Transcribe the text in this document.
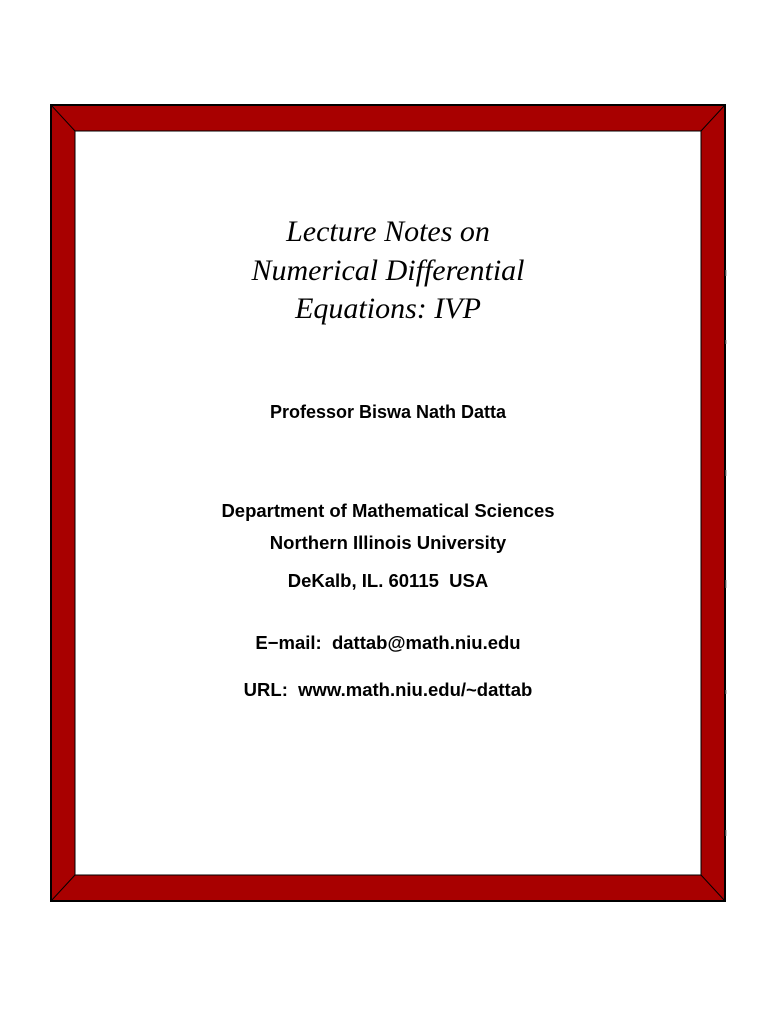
Lecture Notes on
Numerical Differential
Equations: IVP
Professor Biswa Nath Datta
Department of Mathematical Sciences
Northern Illinois University
DeKalb, IL. 60115  USA
E−mail:  dattab@math.niu.edu
URL:  www.math.niu.edu/~dattab
